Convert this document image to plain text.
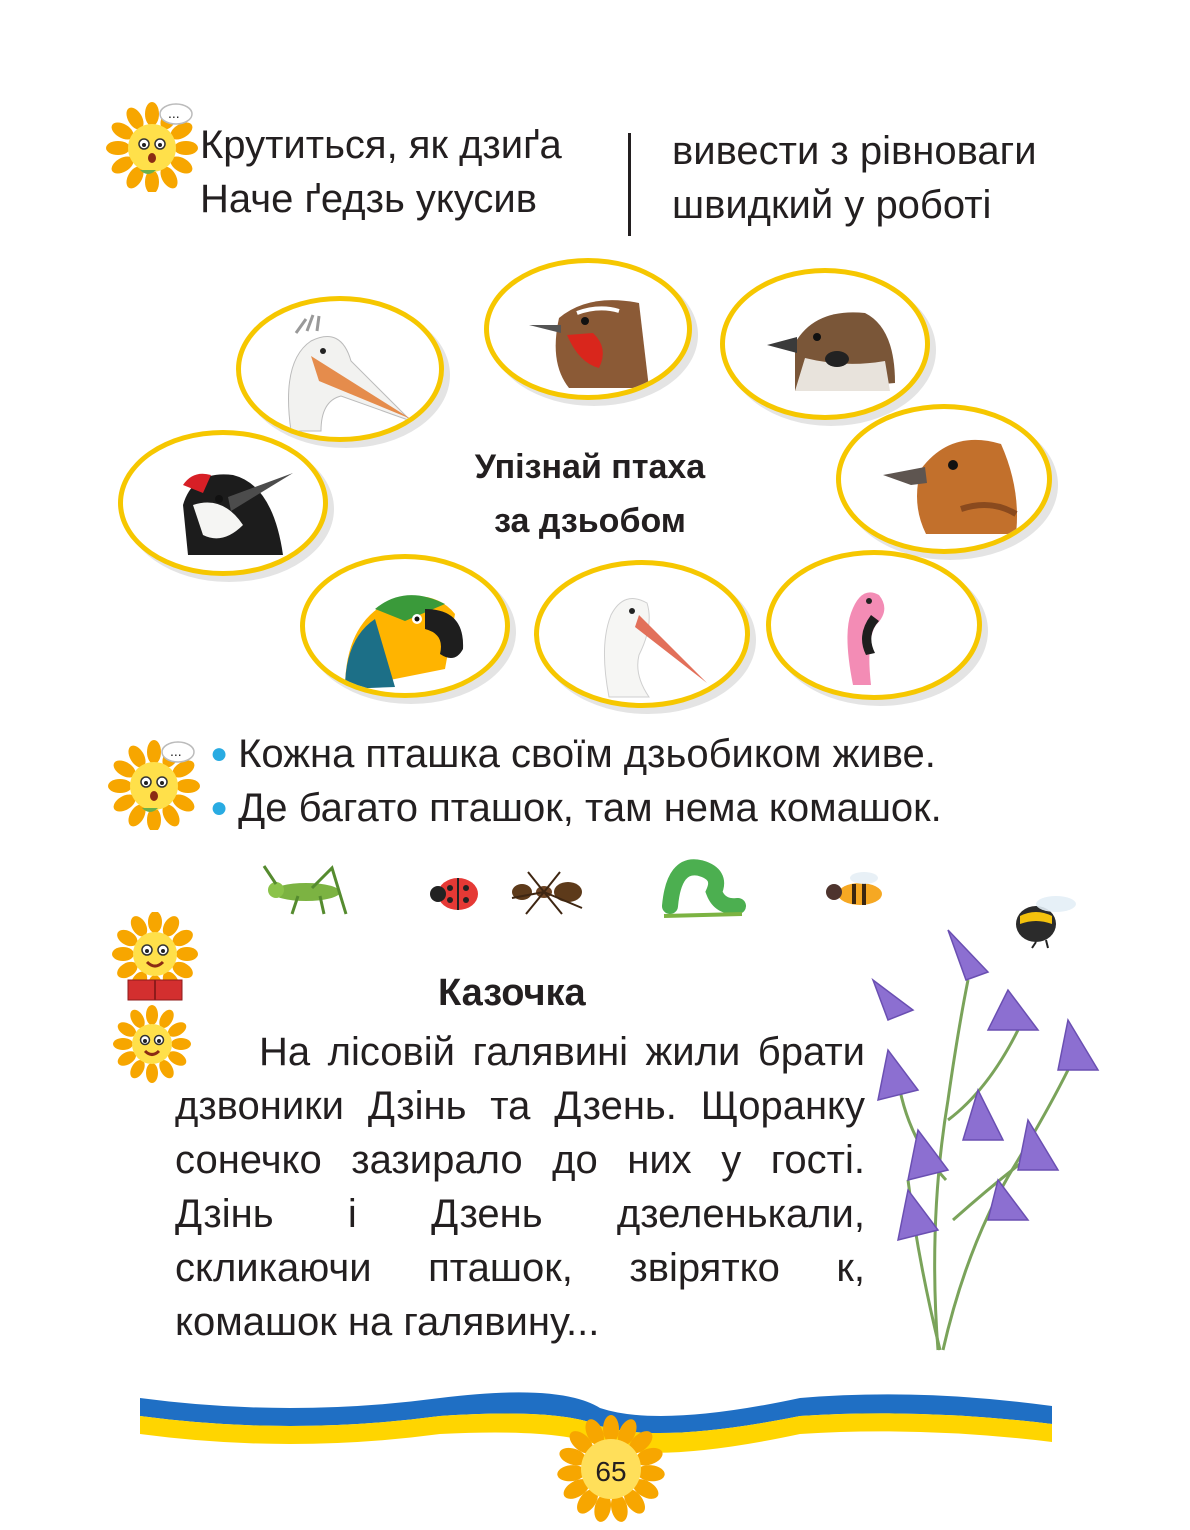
...
Крутиться, як дзиґа
Наче ґедзь укусив
вивести з рівноваги
швидкий у роботі
Упізнай птаха
за дзьобом
... ● Кожна пташка своїм дзьобиком живе.
● Де багато пташок, там нема комашок.
Казочка
На лісовій галявині жили брати дзвоники Дзінь та Дзень. Щоранку сонечко зазирало до них у гості. Дзінь і Дзень дзеленькали, скликаючи пташок, звірятко к, комашок на галявину...
65
